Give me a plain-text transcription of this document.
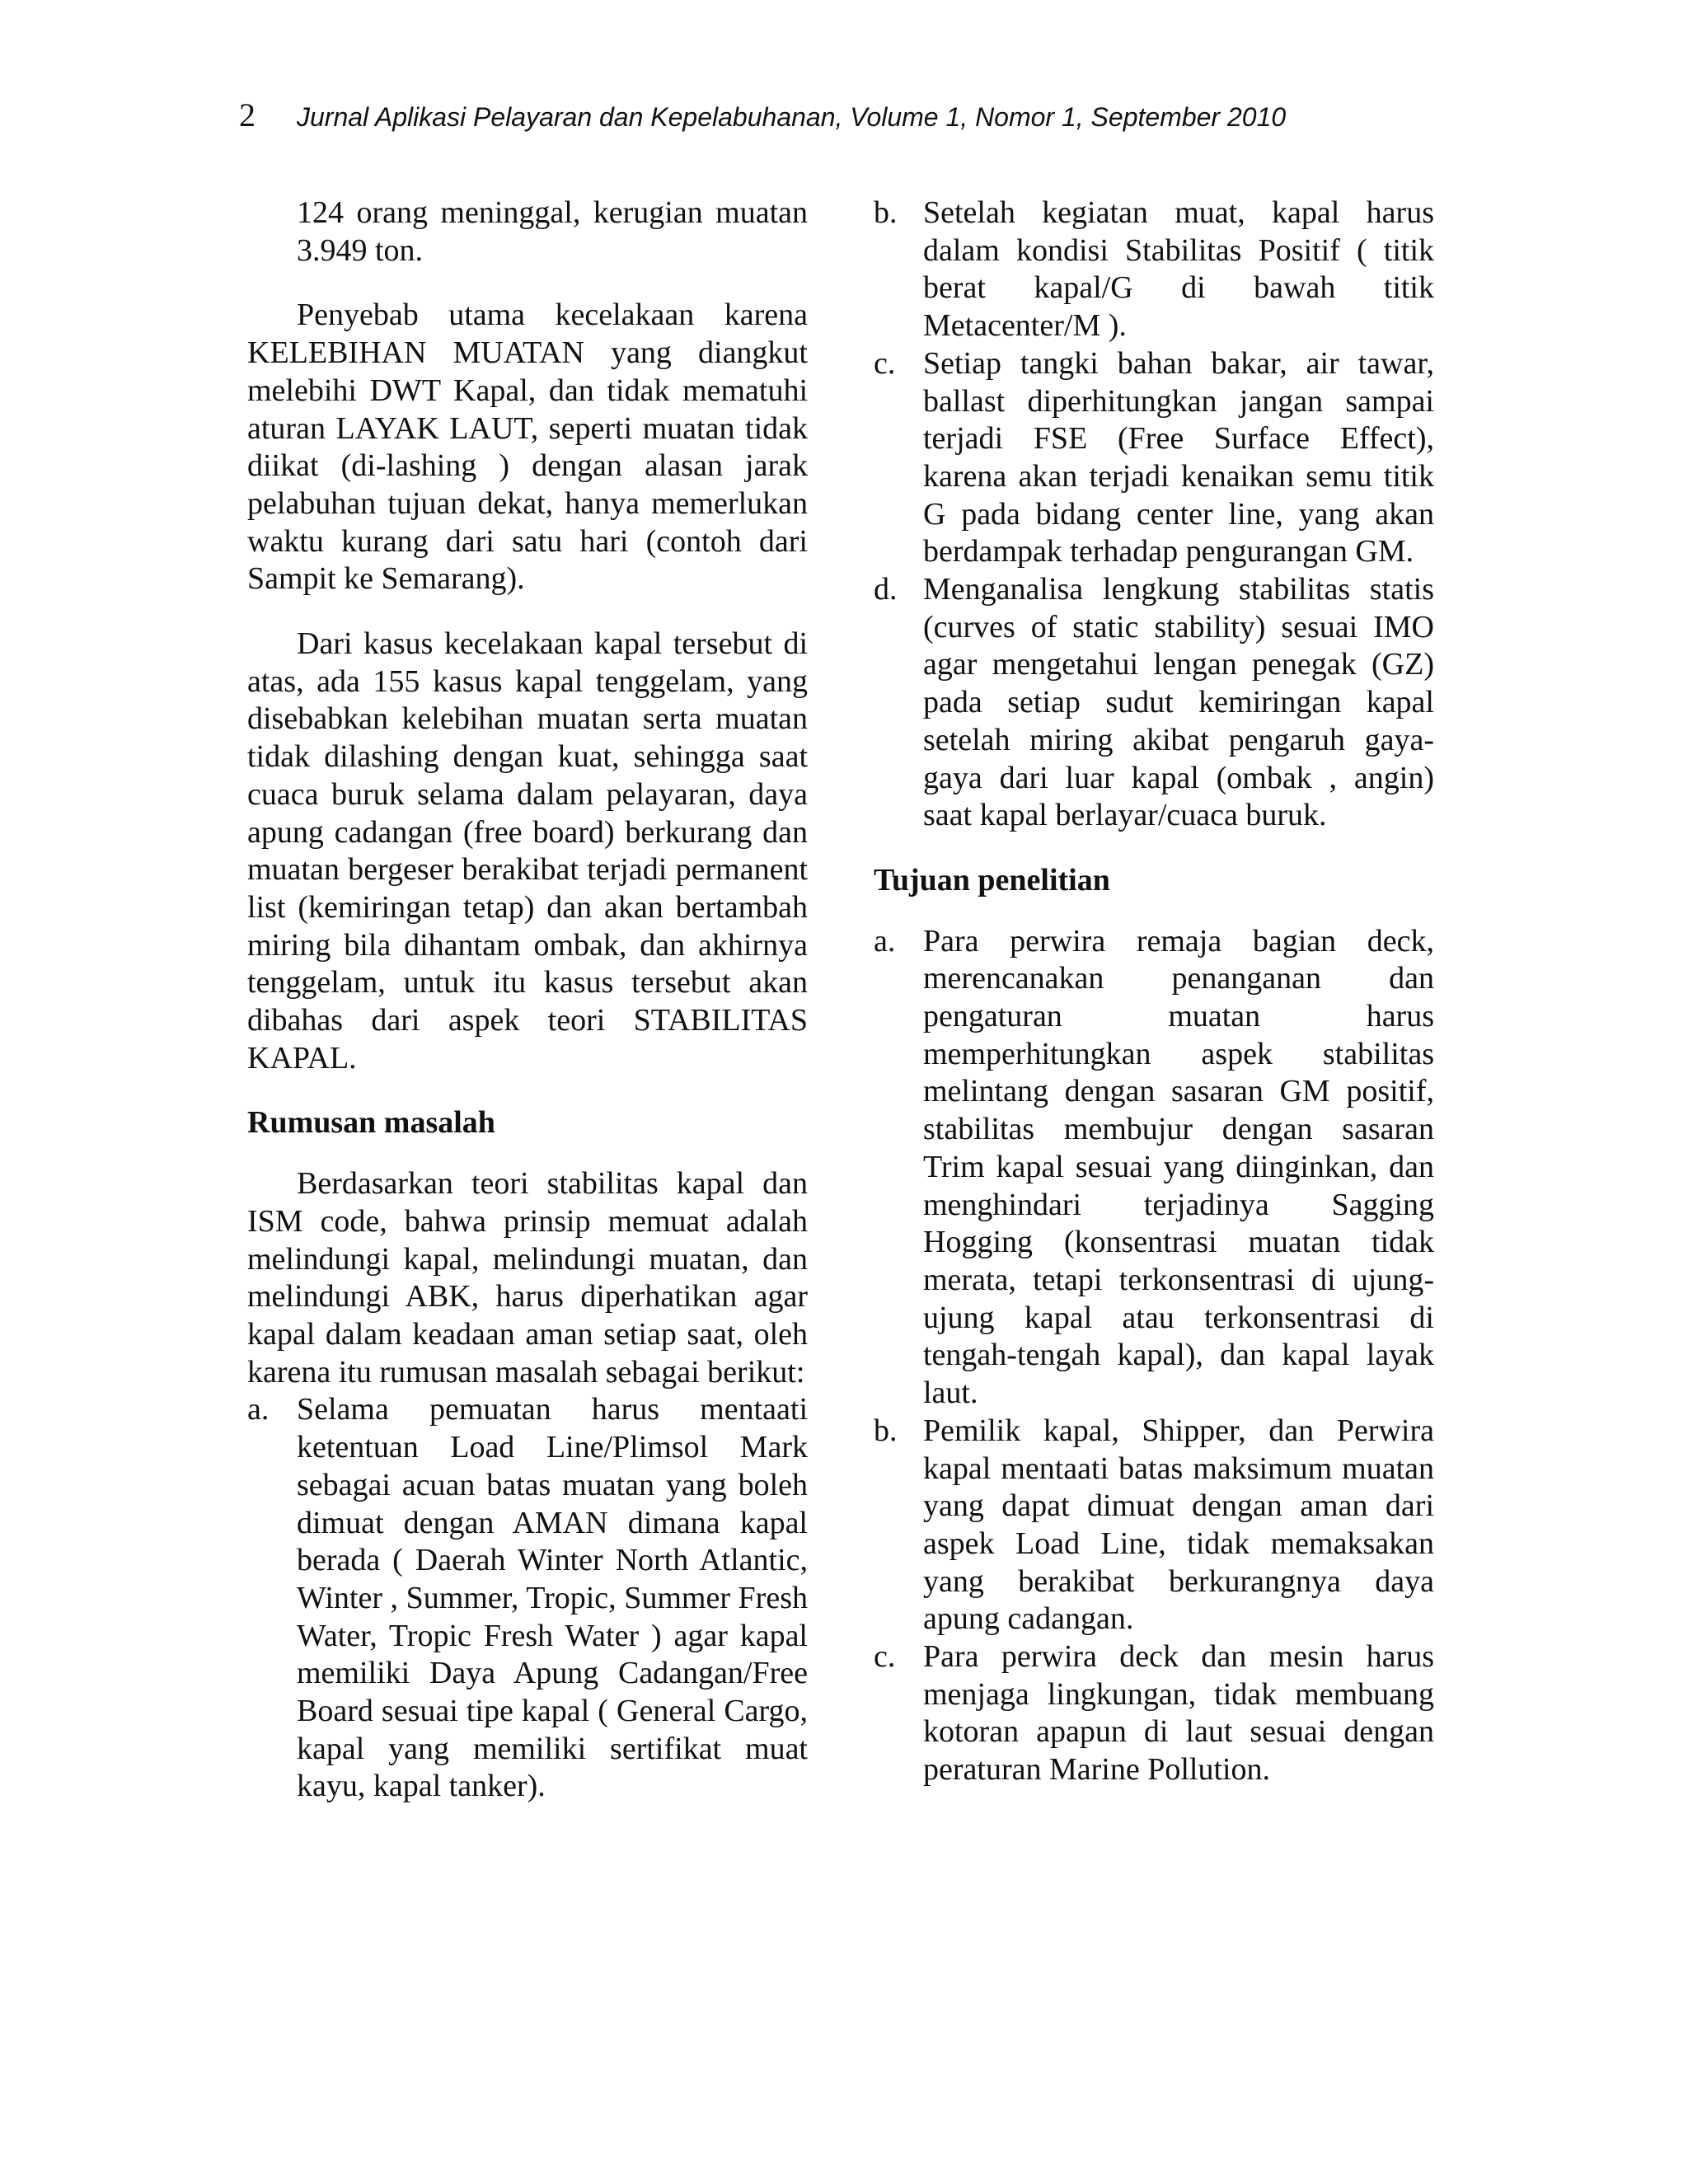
2	Jurnal Aplikasi Pelayaran dan Kepelabuhanan, Volume 1, Nomor 1, September 2010

124 orang meninggal, kerugian muatan 3.949 ton.

Penyebab utama kecelakaan karena KELEBIHAN MUATAN yang diangkut melebihi DWT Kapal, dan tidak mematuhi aturan LAYAK LAUT, seperti muatan tidak diikat (di-lashing ) dengan alasan jarak pelabuhan tujuan dekat, hanya memerlukan waktu kurang dari satu hari (contoh dari Sampit ke Semarang).

Dari kasus kecelakaan kapal tersebut di atas, ada 155 kasus kapal tenggelam, yang disebabkan kelebihan muatan serta muatan tidak dilashing dengan kuat, sehingga saat cuaca buruk selama dalam pelayaran, daya apung cadangan (free board) berkurang dan muatan bergeser berakibat terjadi permanent list (kemiringan tetap) dan akan bertambah miring bila dihantam ombak, dan akhirnya tenggelam, untuk itu kasus tersebut akan dibahas dari aspek teori STABILITAS KAPAL.

Rumusan masalah

Berdasarkan teori stabilitas kapal dan ISM code, bahwa prinsip memuat adalah melindungi kapal, melindungi muatan, dan melindungi ABK, harus diperhatikan agar kapal dalam keadaan aman setiap saat, oleh karena itu rumusan masalah sebagai berikut:

a. Selama pemuatan harus mentaati ketentuan Load Line/Plimsol Mark sebagai acuan batas muatan yang boleh dimuat dengan AMAN dimana kapal berada ( Daerah Winter North Atlantic, Winter , Summer, Tropic, Summer Fresh Water, Tropic Fresh Water ) agar kapal memiliki Daya Apung Cadangan/Free Board sesuai tipe kapal ( General Cargo, kapal yang memiliki sertifikat muat kayu, kapal tanker).
b. Setelah kegiatan muat, kapal harus dalam kondisi Stabilitas Positif ( titik berat kapal/G di bawah titik Metacenter/M ).
c. Setiap tangki bahan bakar, air tawar, ballast diperhitungkan jangan sampai terjadi FSE (Free Surface Effect), karena akan terjadi kenaikan semu titik G pada bidang center line, yang akan berdampak terhadap pengurangan GM.
d. Menganalisa lengkung stabilitas statis (curves of static stability) sesuai IMO agar mengetahui lengan penegak (GZ) pada setiap sudut kemiringan kapal setelah miring akibat pengaruh gaya-gaya dari luar kapal (ombak , angin) saat kapal berlayar/cuaca buruk.
Tujuan penelitian
a. Para perwira remaja bagian deck, merencanakan penanganan dan pengaturan muatan harus memperhitungkan aspek stabilitas melintang dengan sasaran GM positif, stabilitas membujur dengan sasaran Trim kapal sesuai yang diinginkan, dan menghindari terjadinya Sagging Hogging (konsentrasi muatan tidak merata, tetapi terkonsentrasi di ujung-ujung kapal atau terkonsentrasi di tengah-tengah kapal), dan kapal layak laut.
b. Pemilik kapal, Shipper, dan Perwira kapal mentaati batas maksimum muatan yang dapat dimuat dengan aman dari aspek Load Line, tidak memaksakan yang berakibat berkurangnya daya apung cadangan.
c. Para perwira deck dan mesin harus menjaga lingkungan, tidak membuang kotoran apapun di laut sesuai dengan peraturan Marine Pollution.
